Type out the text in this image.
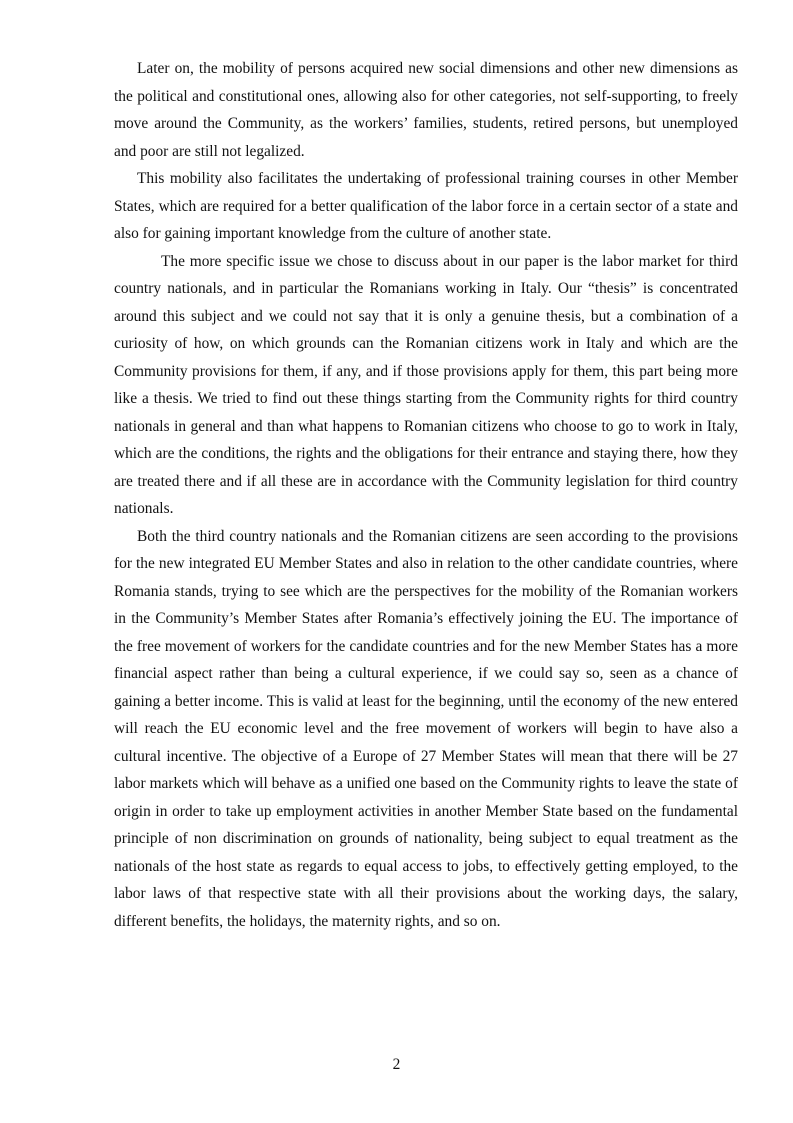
Later on, the mobility of persons acquired new social dimensions and other new dimensions as the political and constitutional ones, allowing also for other categories, not self-supporting, to freely move around the Community, as the workers’ families, students, retired persons, but unemployed and poor are still not legalized.

This mobility also facilitates the undertaking of professional training courses in other Member States, which are required for a better qualification of the labor force in a certain sector of a state and also for gaining important knowledge from the culture of another state.

The more specific issue we chose to discuss about in our paper is the labor market for third country nationals, and in particular the Romanians working in Italy. Our “thesis” is concentrated around this subject and we could not say that it is only a genuine thesis, but a combination of a curiosity of how, on which grounds can the Romanian citizens work in Italy and which are the Community provisions for them, if any, and if those provisions apply for them, this part being more like a thesis. We tried to find out these things starting from the Community rights for third country nationals in general and than what happens to Romanian citizens who choose to go to work in Italy, which are the conditions, the rights and the obligations for their entrance and staying there, how they are treated there and if all these are in accordance with the Community legislation for third country nationals.

Both the third country nationals and the Romanian citizens are seen according to the provisions for the new integrated EU Member States and also in relation to the other candidate countries, where Romania stands, trying to see which are the perspectives for the mobility of the Romanian workers in the Community’s Member States after Romania’s effectively joining the EU. The importance of the free movement of workers for the candidate countries and for the new Member States has a more financial aspect rather than being a cultural experience, if we could say so, seen as a chance of gaining a better income. This is valid at least for the beginning, until the economy of the new entered will reach the EU economic level and the free movement of workers will begin to have also a cultural incentive. The objective of a Europe of 27 Member States will mean that there will be 27 labor markets which will behave as a unified one based on the Community rights to leave the state of origin in order to take up employment activities in another Member State based on the fundamental principle of non discrimination on grounds of nationality, being subject to equal treatment as the nationals of the host state as regards to equal access to jobs, to effectively getting employed, to the labor laws of that respective state with all their provisions about the working days, the salary, different benefits, the holidays, the maternity rights, and so on.

2
